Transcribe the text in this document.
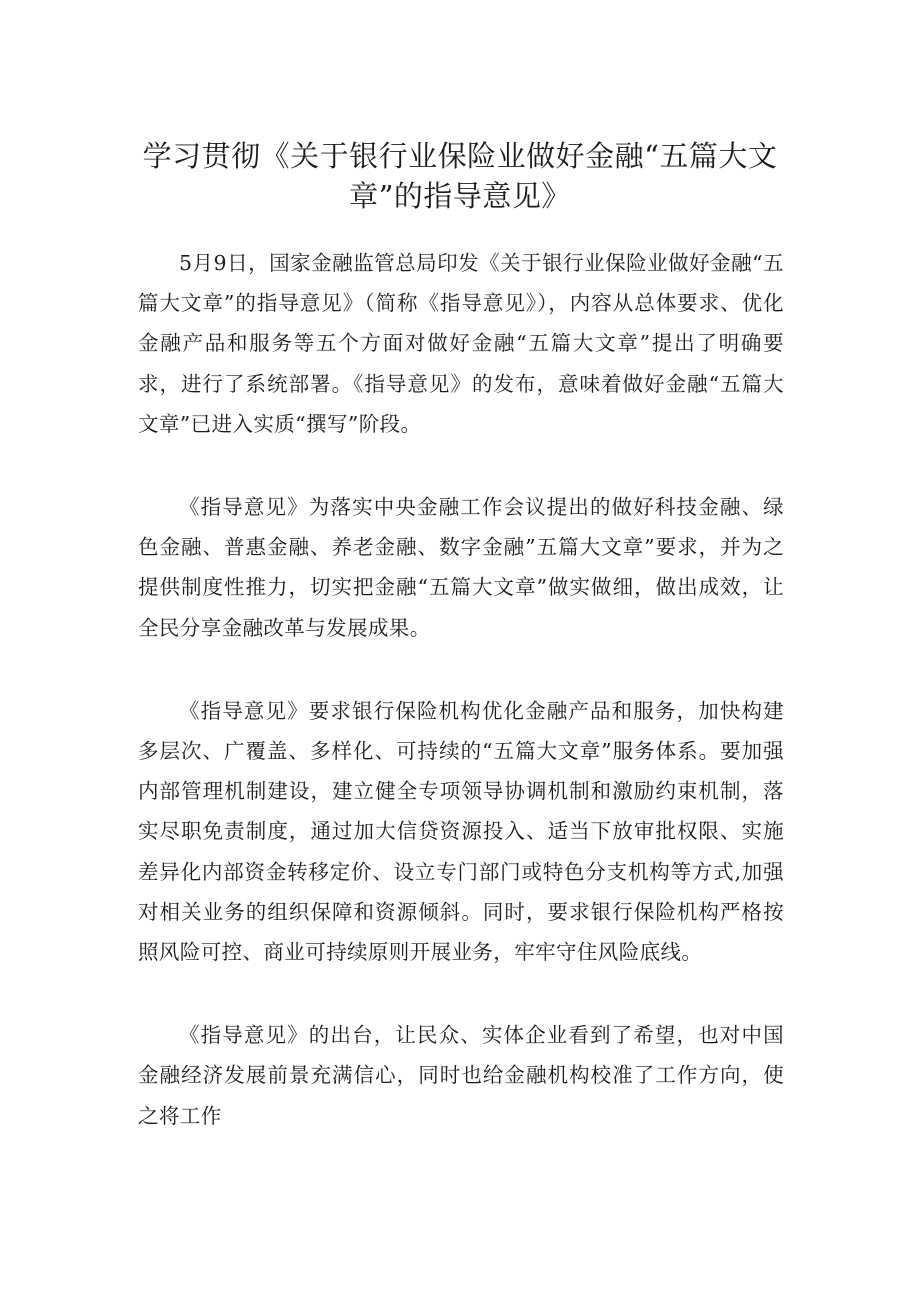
学习贯彻《关于银行业保险业做好金融“五篇大文章”的指导意见》

5月9日，国家金融监管总局印发《关于银行业保险业做好金融“五篇大文章”的指导意见》（简称《指导意见》），内容从总体要求、优化金融产品和服务等五个方面对做好金融“五篇大文章”提出了明确要求，进行了系统部署。《指导意见》的发布，意味着做好金融“五篇大文章”已进入实质“撰写”阶段。

《指导意见》为落实中央金融工作会议提出的做好科技金融、绿色金融、普惠金融、养老金融、数字金融”五篇大文章”要求，并为之提供制度性推力，切实把金融“五篇大文章”做实做细，做出成效，让全民分享金融改革与发展成果。

《指导意见》要求银行保险机构优化金融产品和服务，加快构建多层次、广覆盖、多样化、可持续的“五篇大文章”服务体系。要加强内部管理机制建设，建立健全专项领导协调机制和激励约束机制，落实尽职免责制度，通过加大信贷资源投入、适当下放审批权限、实施差异化内部资金转移定价、设立专门部门或特色分支机构等方式,加强对相关业务的组织保障和资源倾斜。同时，要求银行保险机构严格按照风险可控、商业可持续原则开展业务，牢牢守住风险底线。

《指导意见》的出台，让民众、实体企业看到了希望，也对中国金融经济发展前景充满信心，同时也给金融机构校准了工作方向，使之将工作
